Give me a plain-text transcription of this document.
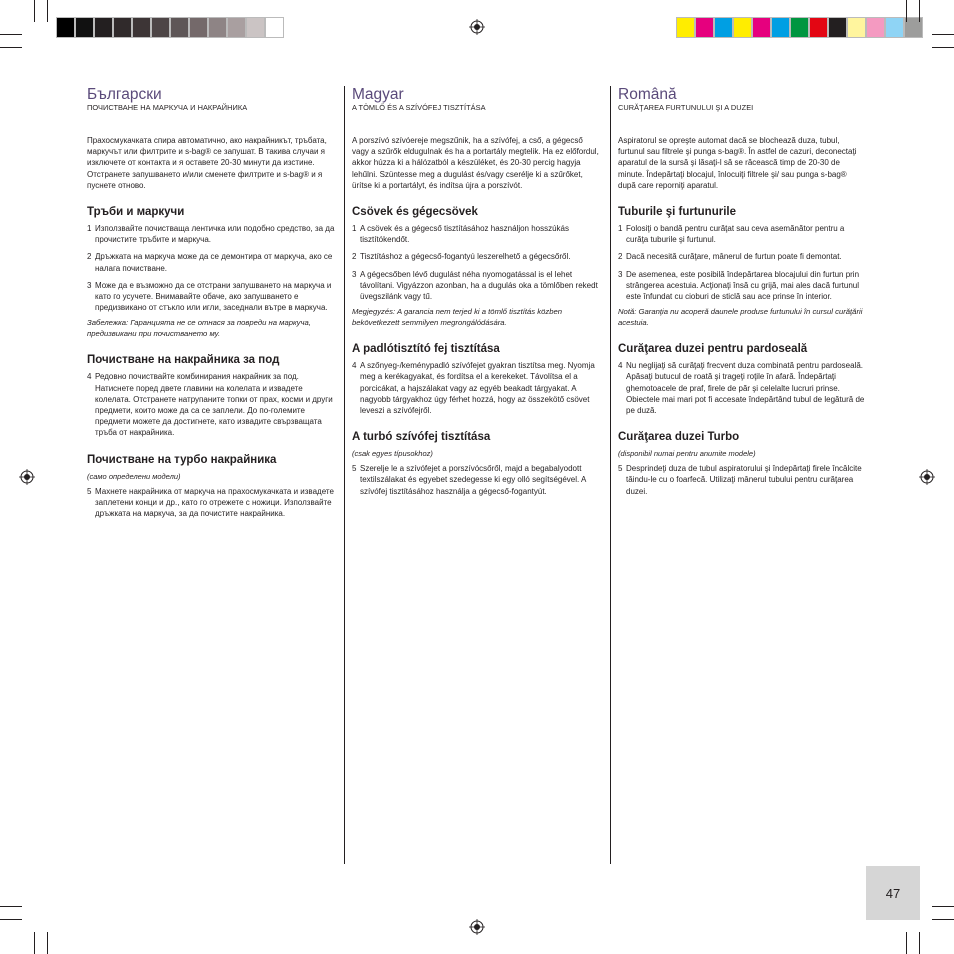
Български
ПОЧИСТВАНЕ НА МАРКУЧА И НАКРАЙНИКА

Прахосмукачката спира автоматично, ако накрайникът, тръбата, маркучът или филтрите и s-bag® се запушат. В такива случаи я изключете от контакта и я оставете 20-30 минути да изстине. Отстранете запушването и/или сменете филтрите и s-bag® и я пуснете отново.

Тръби и маркучи
1 Използвайте почистваща лентичка или подобно средство, за да прочистите тръбите и маркуча.
2 Дръжката на маркуча може да се демонтира от маркуча, ако се налага почистване.
3 Може да е възможно да се отстрани запушването на маркуча и като го усучете. Внимавайте обаче, ако запушването е предизвикано от стъкло или игли, заседнали вътре в маркуча.

Забележка: Гаранцията не се отнася за повреди на маркуча, предизвикани при почистването му.

Почистване на накрайника за под
4 Редовно почиствайте комбинирания накрайник за под. Натиснете поред двете главини на колелата и извадете колелата. Отстранете натрупаните топки от прах, косми и други предмети, които може да са се заплели. До по-големите предмети можете да достигнете, като извадите свързващата тръба от накрайника.
Почистване на турбо накрайника
(само определени модели)
5 Махнете накрайника от маркуча на прахосмукачката и извадете заплетени конци и др., като го отрежете с ножици. Използвайте дръжката на маркуча, за да почистите накрайника.
Magyar
A TÖMLŐ ÉS A SZÍVÓFEJ TISZTÍTÁSA

A porszívó szívóereje megszűnik, ha a szívófej, a cső, a gégecső vagy a szűrők eldugulnak és ha a portartály megtelik. Ha ez előfordul, akkor húzza ki a hálózatból a készüléket, és 20-30 percig hagyja lehűlni. Szüntesse meg a dugulást és/vagy cserélje ki a szűrőket, ürítse ki a portartályt, és indítsa újra a porszívót.

Csövek és gégecsövek
1 A csövek és a gégecső tisztításához használjon hosszúkás tisztítókendőt.
2 Tisztításhoz a gégecső-fogantyú leszerelhető a gégecsőről.
3 A gégecsőben lévő dugulást néha nyomogatással is el lehet távolítani. Vigyázzon azonban, ha a dugulás oka a tömlőben rekedt üvegszilánk vagy tű.

Megjegyzés: A garancia nem terjed ki a tömlő tisztítás közben bekövetkezett semmilyen megrongálódására.

A padlótisztító fej tisztítása
4 A szőnyeg-/keménypadló szívófejet gyakran tisztítsa meg. Nyomja meg a kerékagyakat, és fordítsa el a kerekeket. Távolítsa el a porcicákat, a hajszálakat vagy az egyéb beakadt tárgyakat. A nagyobb tárgyakhoz úgy férhet hozzá, hogy az összekötő csövet leveszi a szívófejről.
A turbó szívófej tisztítása
(csak egyes típusokhoz)
5 Szerelje le a szívófejet a porszívócsőről, majd a begabalyodott textilszálakat és egyebet szedegesse ki egy olló segítségével. A szívófej tisztításához használja a gégecső-fogantyút.
Română
CURĂŢAREA FURTUNULUI ŞI A DUZEI

Aspiratorul se opreşte automat dacă se blochează duza, tubul, furtunul sau filtrele şi punga s-bag®. În astfel de cazuri, deconectaţi aparatul de la sursă şi lăsaţi-l să se răcească timp de 20-30 de minute. Îndepărtaţi blocajul, înlocuiţi filtrele şi/ sau punga s-bag® după care reporniţi aparatul.

Tuburile şi furtunurile
1 Folosiţi o bandă pentru curăţat sau ceva asemănător pentru a curăţa tuburile şi furtunul.
2 Dacă necesită curăţare, mânerul de furtun poate fi demontat.
3 De asemenea, este posibilă îndepărtarea blocajului din furtun prin strângerea acestuia. Acţionaţi însă cu grijă, mai ales dacă furtunul este înfundat cu cioburi de sticlă sau ace prinse în interior.

Notă: Garanţia nu acoperă daunele produse furtunului în cursul curăţării acestuia.

Curăţarea duzei pentru pardoseală
4 Nu neglijaţi să curăţaţi frecvent duza combinată pentru pardoseală. Apăsaţi butucul de roată şi trageţi roţile în afară. Îndepărtaţi ghemotoacele de praf, firele de păr şi celelalte lucruri prinse. Obiectele mai mari pot fi accesate îndepărtând tubul de legătură de pe duză.
Curăţarea duzei Turbo
(disponibil numai pentru anumite modele)
5 Desprindeţi duza de tubul aspiratorului şi îndepărtaţi firele încâlcite tăindu-le cu o foarfecă. Utilizaţi mânerul tubului pentru curăţarea duzei.
47
